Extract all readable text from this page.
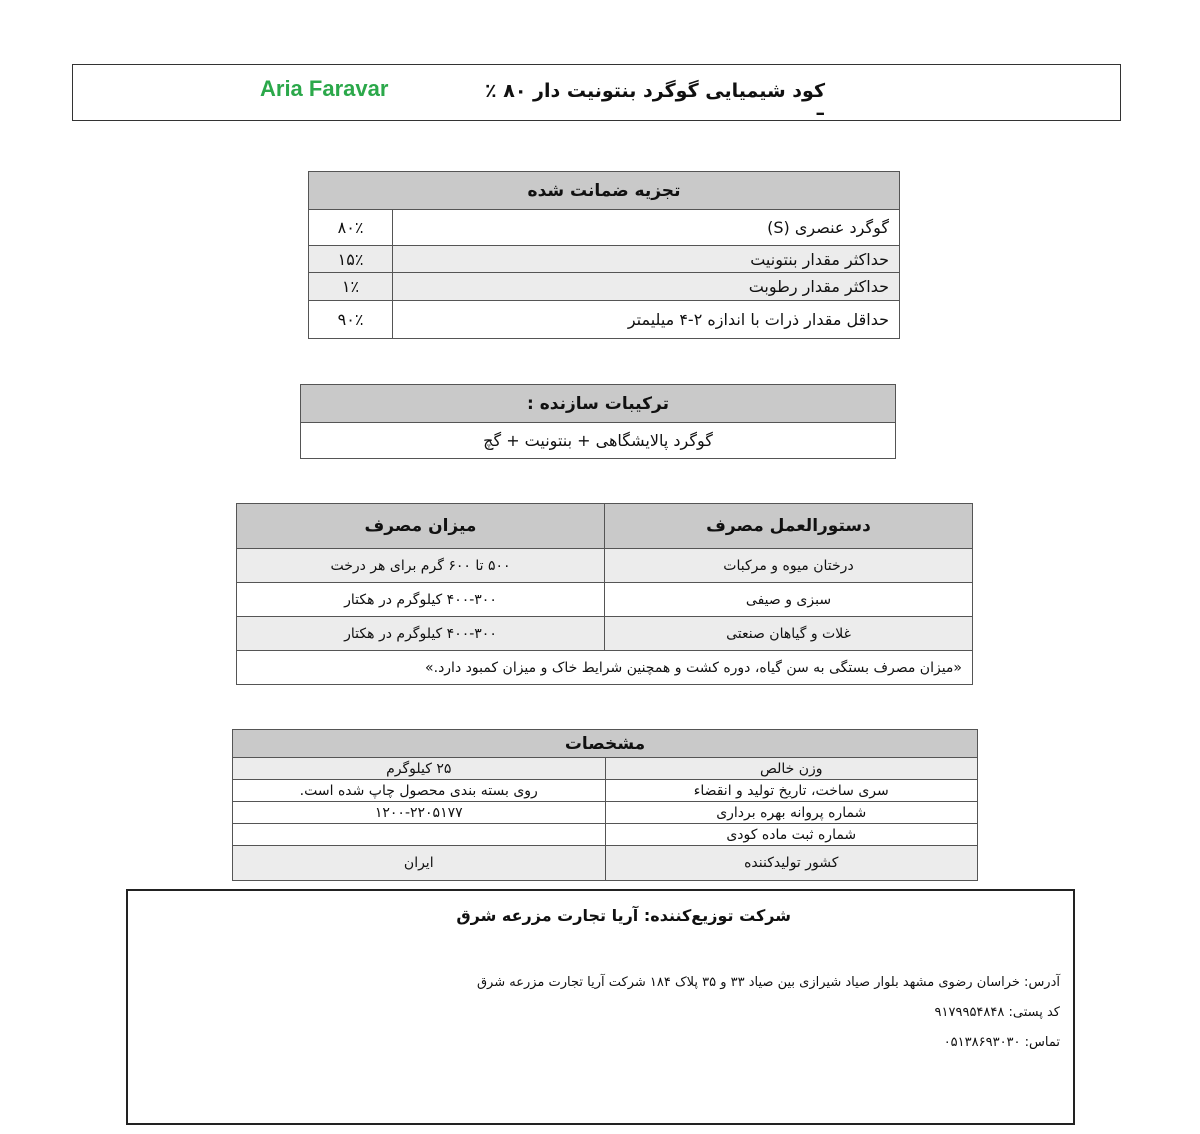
Aria Faravar	کود شیمیایی گوگرد بنتونیت دار ۸۰ ٪ –
تجزیه ضمانت شده	
گوگرد عنصری (S)	۸۰٪
حداکثر مقدار بنتونیت	۱۵٪
حداکثر مقدار رطوبت	۱٪
حداقل مقدار ذرات با اندازه ۲-۴ میلیمتر	۹۰٪
ترکیبات سازنده :
گوگرد پالایشگاهی + بنتونیت + گچ
دستورالعمل مصرف	میزان مصرف
درختان میوه و مرکبات	۵۰۰ تا ۶۰۰ گرم برای هر درخت
سبزی و صیفی	۴۰۰-۳۰۰ کیلوگرم در هکتار
غلات و گیاهان صنعتی	۴۰۰-۳۰۰ کیلوگرم در هکتار
«میزان مصرف بستگی به سن گیاه، دوره کشت و همچنین شرایط خاک و میزان کمبود دارد.»	
مشخصات	
وزن خالص	۲۵ کیلوگرم
سری ساخت، تاریخ تولید و انقضاء	روی بسته بندی محصول چاپ شده است.
شماره پروانه بهره برداری	۱۲۰۰-۲۲۰۵۱۷۷
شماره ثبت ماده کودی	
کشور تولیدکننده	ایران
شرکت توزیع‌کننده: آریا تجارت مزرعه شرق
آدرس: خراسان رضوی مشهد بلوار صیاد شیرازی بین صیاد ۳۳ و ۳۵ پلاک ۱۸۴ شرکت آریا تجارت مزرعه شرق
کد پستی: ۹۱۷۹۹۵۴۸۴۸
تماس: ۰۵۱۳۸۶۹۳۰۳۰
